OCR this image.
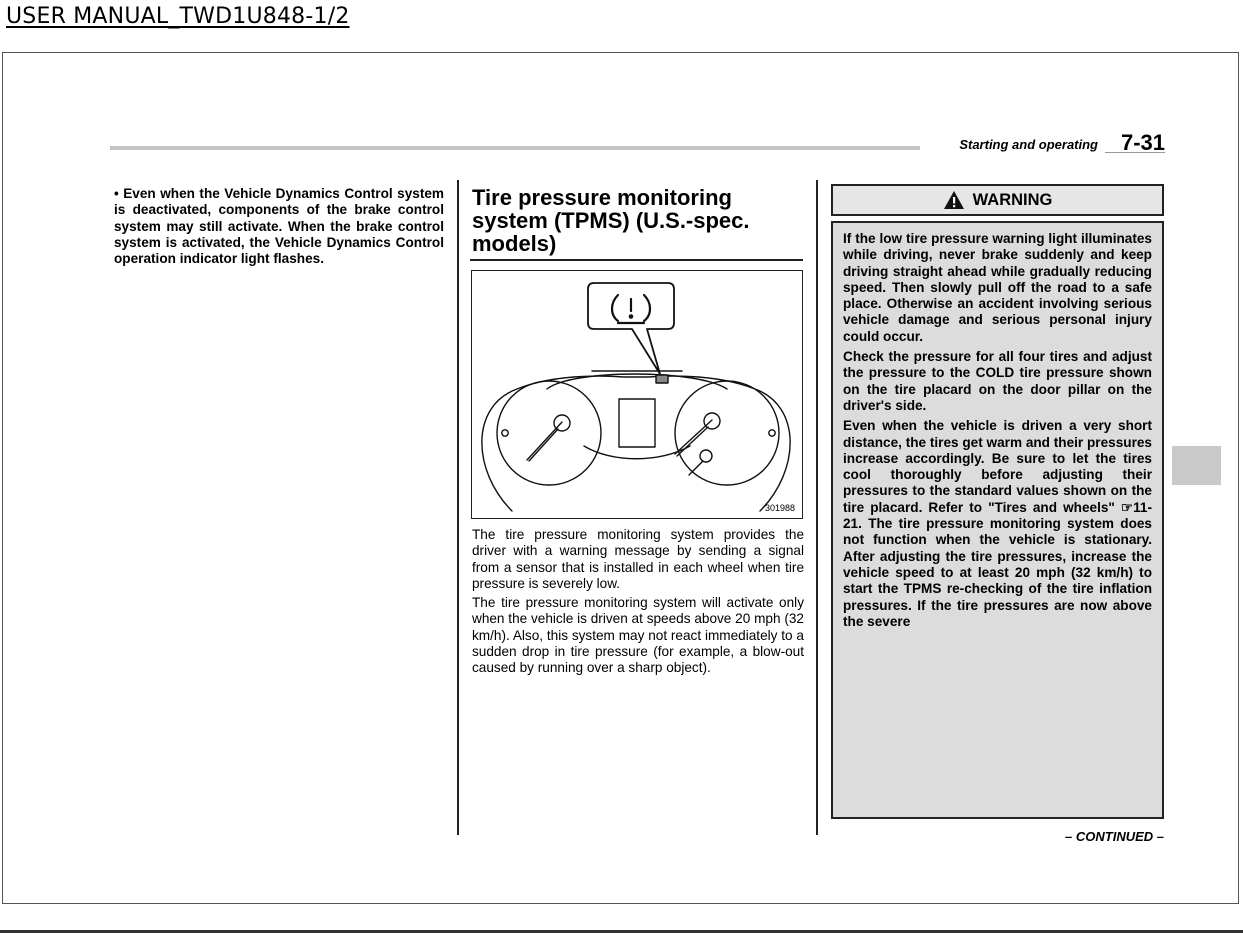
USER MANUAL_TWD1U848-1/2
Starting and operating	7-31

• Even when the Vehicle Dynamics Control system is deactivated, components of the brake control system may still activate. When the brake control system is activated, the Vehicle Dynamics Control operation indicator light flashes.

Tire pressure monitoring system (TPMS) (U.S.-spec. models)
301988

The tire pressure monitoring system provides the driver with a warning message by sending a signal from a sensor that is installed in each wheel when tire pressure is severely low.

The tire pressure monitoring system will activate only when the vehicle is driven at speeds above 20 mph (32 km/h). Also, this system may not react immediately to a sudden drop in tire pressure (for example, a blow-out caused by running over a sharp object).

WARNING

If the low tire pressure warning light illuminates while driving, never brake suddenly and keep driving straight ahead while gradually reducing speed. Then slowly pull off the road to a safe place. Otherwise an accident involving serious vehicle damage and serious personal injury could occur.

Check the pressure for all four tires and adjust the pressure to the COLD tire pressure shown on the tire placard on the door pillar on the driver's side.

Even when the vehicle is driven a very short distance, the tires get warm and their pressures increase accordingly. Be sure to let the tires cool thoroughly before adjusting their pressures to the standard values shown on the tire placard. Refer to "Tires and wheels" ☞11-21. The tire pressure monitoring system does not function when the vehicle is stationary. After adjusting the tire pressures, increase the vehicle speed to at least 20 mph (32 km/h) to start the TPMS re-checking of the tire inflation pressures. If the tire pressures are now above the severe

– CONTINUED –
